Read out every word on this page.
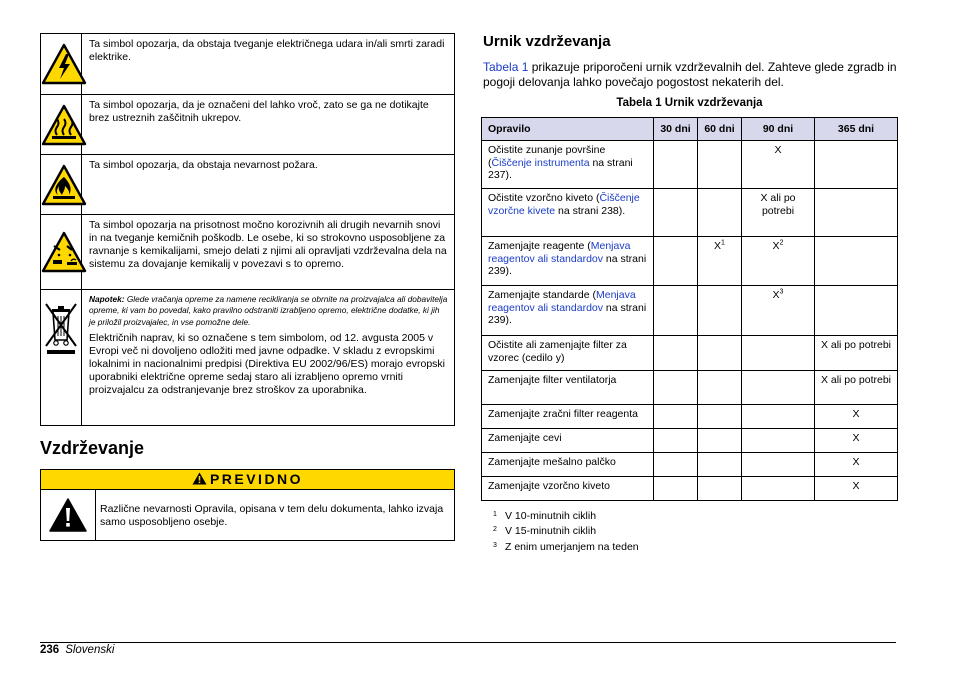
	Ta simbol opozarja, da obstaja tveganje električnega udara in/ali smrti zaradi elektrike.

	Ta simbol opozarja, da je označeni del lahko vroč, zato se ga ne dotikajte brez ustreznih zaščitnih ukrepov.

	Ta simbol opozarja, da obstaja nevarnost požara.

	Ta simbol opozarja na prisotnost močno korozivnih ali drugih nevarnih snovi in na tveganje kemičnih poškodb. Le osebe, ki so strokovno usposobljene za ravnanje s kemikalijami, smejo delati z njimi ali opravljati vzdrževalna dela na sistemu za dovajanje kemikalij v povezavi s to opremo.

Napotek: Glede vračanja opreme za namene recikliranja se obrnite na proizvajalca ali dobavitelja opreme, ki vam bo povedal, kako pravilno odstraniti izrabljeno opremo, električne dodatke, ki jih je priložil proizvajalec, in vse pomožne dele.
Električnih naprav, ki so označene s tem simbolom, od 12. avgusta 2005 v Evropi več ni dovoljeno odložiti med javne odpadke. V skladu z evropskimi lokalnimi in nacionalnimi predpisi (Direktiva EU 2002/96/ES) morajo evropski uporabniki električne opreme sedaj staro ali izrabljeno opremo vrniti proizvajalcu za odstranjevanje brez stroškov za uporabnika.
Vzdrževanje
PREVIDNO
Različne nevarnosti Opravila, opisana v tem delu dokumenta, lahko izvaja samo usposobljeno osebje.
Urnik vzdrževanja
Tabela 1 prikazuje priporočeni urnik vzdrževalnih del. Zahteve glede zgradb in pogoji delovanja lahko povečajo pogostost nekaterih del.
Tabela 1 Urnik vzdrževanja
Opravilo	30 dni	60 dni	90 dni	365 dni
Očistite zunanje površine (Čiščenje instrumenta na strani 237).			X	
Očistite vzorčno kiveto (Čiščenje vzorčne kivete na strani 238).			X ali po potrebi	
Zamenjajte reagente (Menjava reagentov ali standardov na strani 239).		$X^1$	$X^2$	
Zamenjajte standarde (Menjava reagentov ali standardov na strani 239).			$X^3$	
Očistite ali zamenjajte filter za vzorec (cedilo y)				X ali po potrebi
Zamenjajte filter ventilatorja				X ali po potrebi
Zamenjajte zračni filter reagenta				X
Zamenjajte cevi				X
Zamenjajte mešalno palčko				X
Zamenjajte vzorčno kiveto				X
$^1$ V 10-minutnih ciklih
$^2$ V 15-minutnih ciklih
$^3$ Z enim umerjanjem na teden
236 Slovenski
